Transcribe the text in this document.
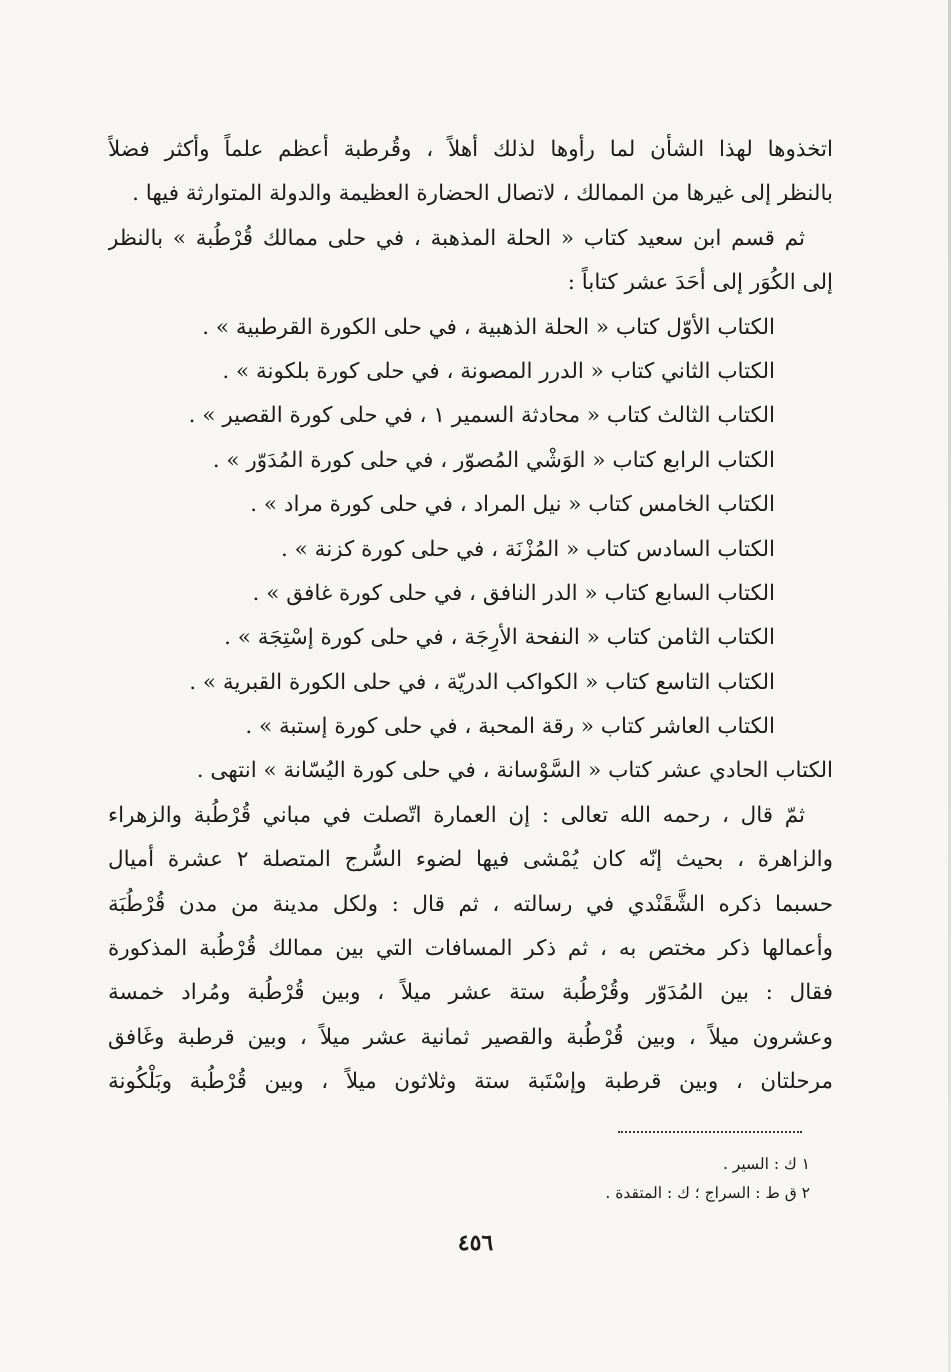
اتخذوها لهذا الشأن لما رأوها لذلك أهلاً ، وقُرطبة أعظم علماً وأكثر فضلاً
بالنظر إلى غيرها من الممالك ، لاتصال الحضارة العظيمة والدولة المتوارثة فيها .
ثم قسم ابن سعيد كتاب « الحلة المذهبة ، في حلى ممالك قُرْطُبة » بالنظر
إلى الكُوَر إلى أحَدَ عشر كتاباً :
الكتاب الأوّل كتاب « الحلة الذهبية ، في حلى الكورة القرطبية » .
الكتاب الثاني كتاب « الدرر المصونة ، في حلى كورة بلكونة » .
الكتاب الثالث كتاب « محادثة السمير ١ ، في حلى كورة القصير » .
الكتاب الرابع كتاب « الوَشْي المُصوّر ، في حلى كورة المُدَوّر » .
الكتاب الخامس كتاب « نيل المراد ، في حلى كورة مراد » .
الكتاب السادس كتاب « المُزْنَة ، في حلى كورة كزنة » .
الكتاب السابع كتاب « الدر النافق ، في حلى كورة غافق » .
الكتاب الثامن كتاب « النفحة الأرِجَة ، في حلى كورة إسْتِجَة » .
الكتاب التاسع كتاب « الكواكب الدريّة ، في حلى الكورة القبرية » .
الكتاب العاشر كتاب « رقة المحبة ، في حلى كورة إستبة » .
الكتاب الحادي عشر كتاب « السَّوْسانة ، في حلى كورة اليُسّانة » انتهى .
ثمّ قال ، رحمه الله تعالى : إن العمارة اتّصلت في مباني قُرْطُبة والزهراء
والزاهرة ، بحيث إنّه كان يُمْشى فيها لضوء السُّرج المتصلة ٢ عشرة أميال
حسبما ذكره الشَّقَنْدي في رسالته ، ثم قال : ولكل مدينة من مدن قُرْطُبَة
وأعمالها ذكر مختص به ، ثم ذكر المسافات التي بين ممالك قُرْطُبة المذكورة
فقال : بين المُدَوّر وقُرْطُبة ستة عشر ميلاً ، وبين قُرْطُبة ومُراد خمسة
وعشرون ميلاً ، وبين قُرْطُبة والقصير ثمانية عشر ميلاً ، وبين قرطبة وغَافق
مرحلتان ، وبين قرطبة وإسْتَبة ستة وثلاثون ميلاً ، وبين قُرْطُبة وبَلْكُونة
١ ك : السير .
٢ ق ط : السراج ؛ ك : المتقدة .
٤٥٦
